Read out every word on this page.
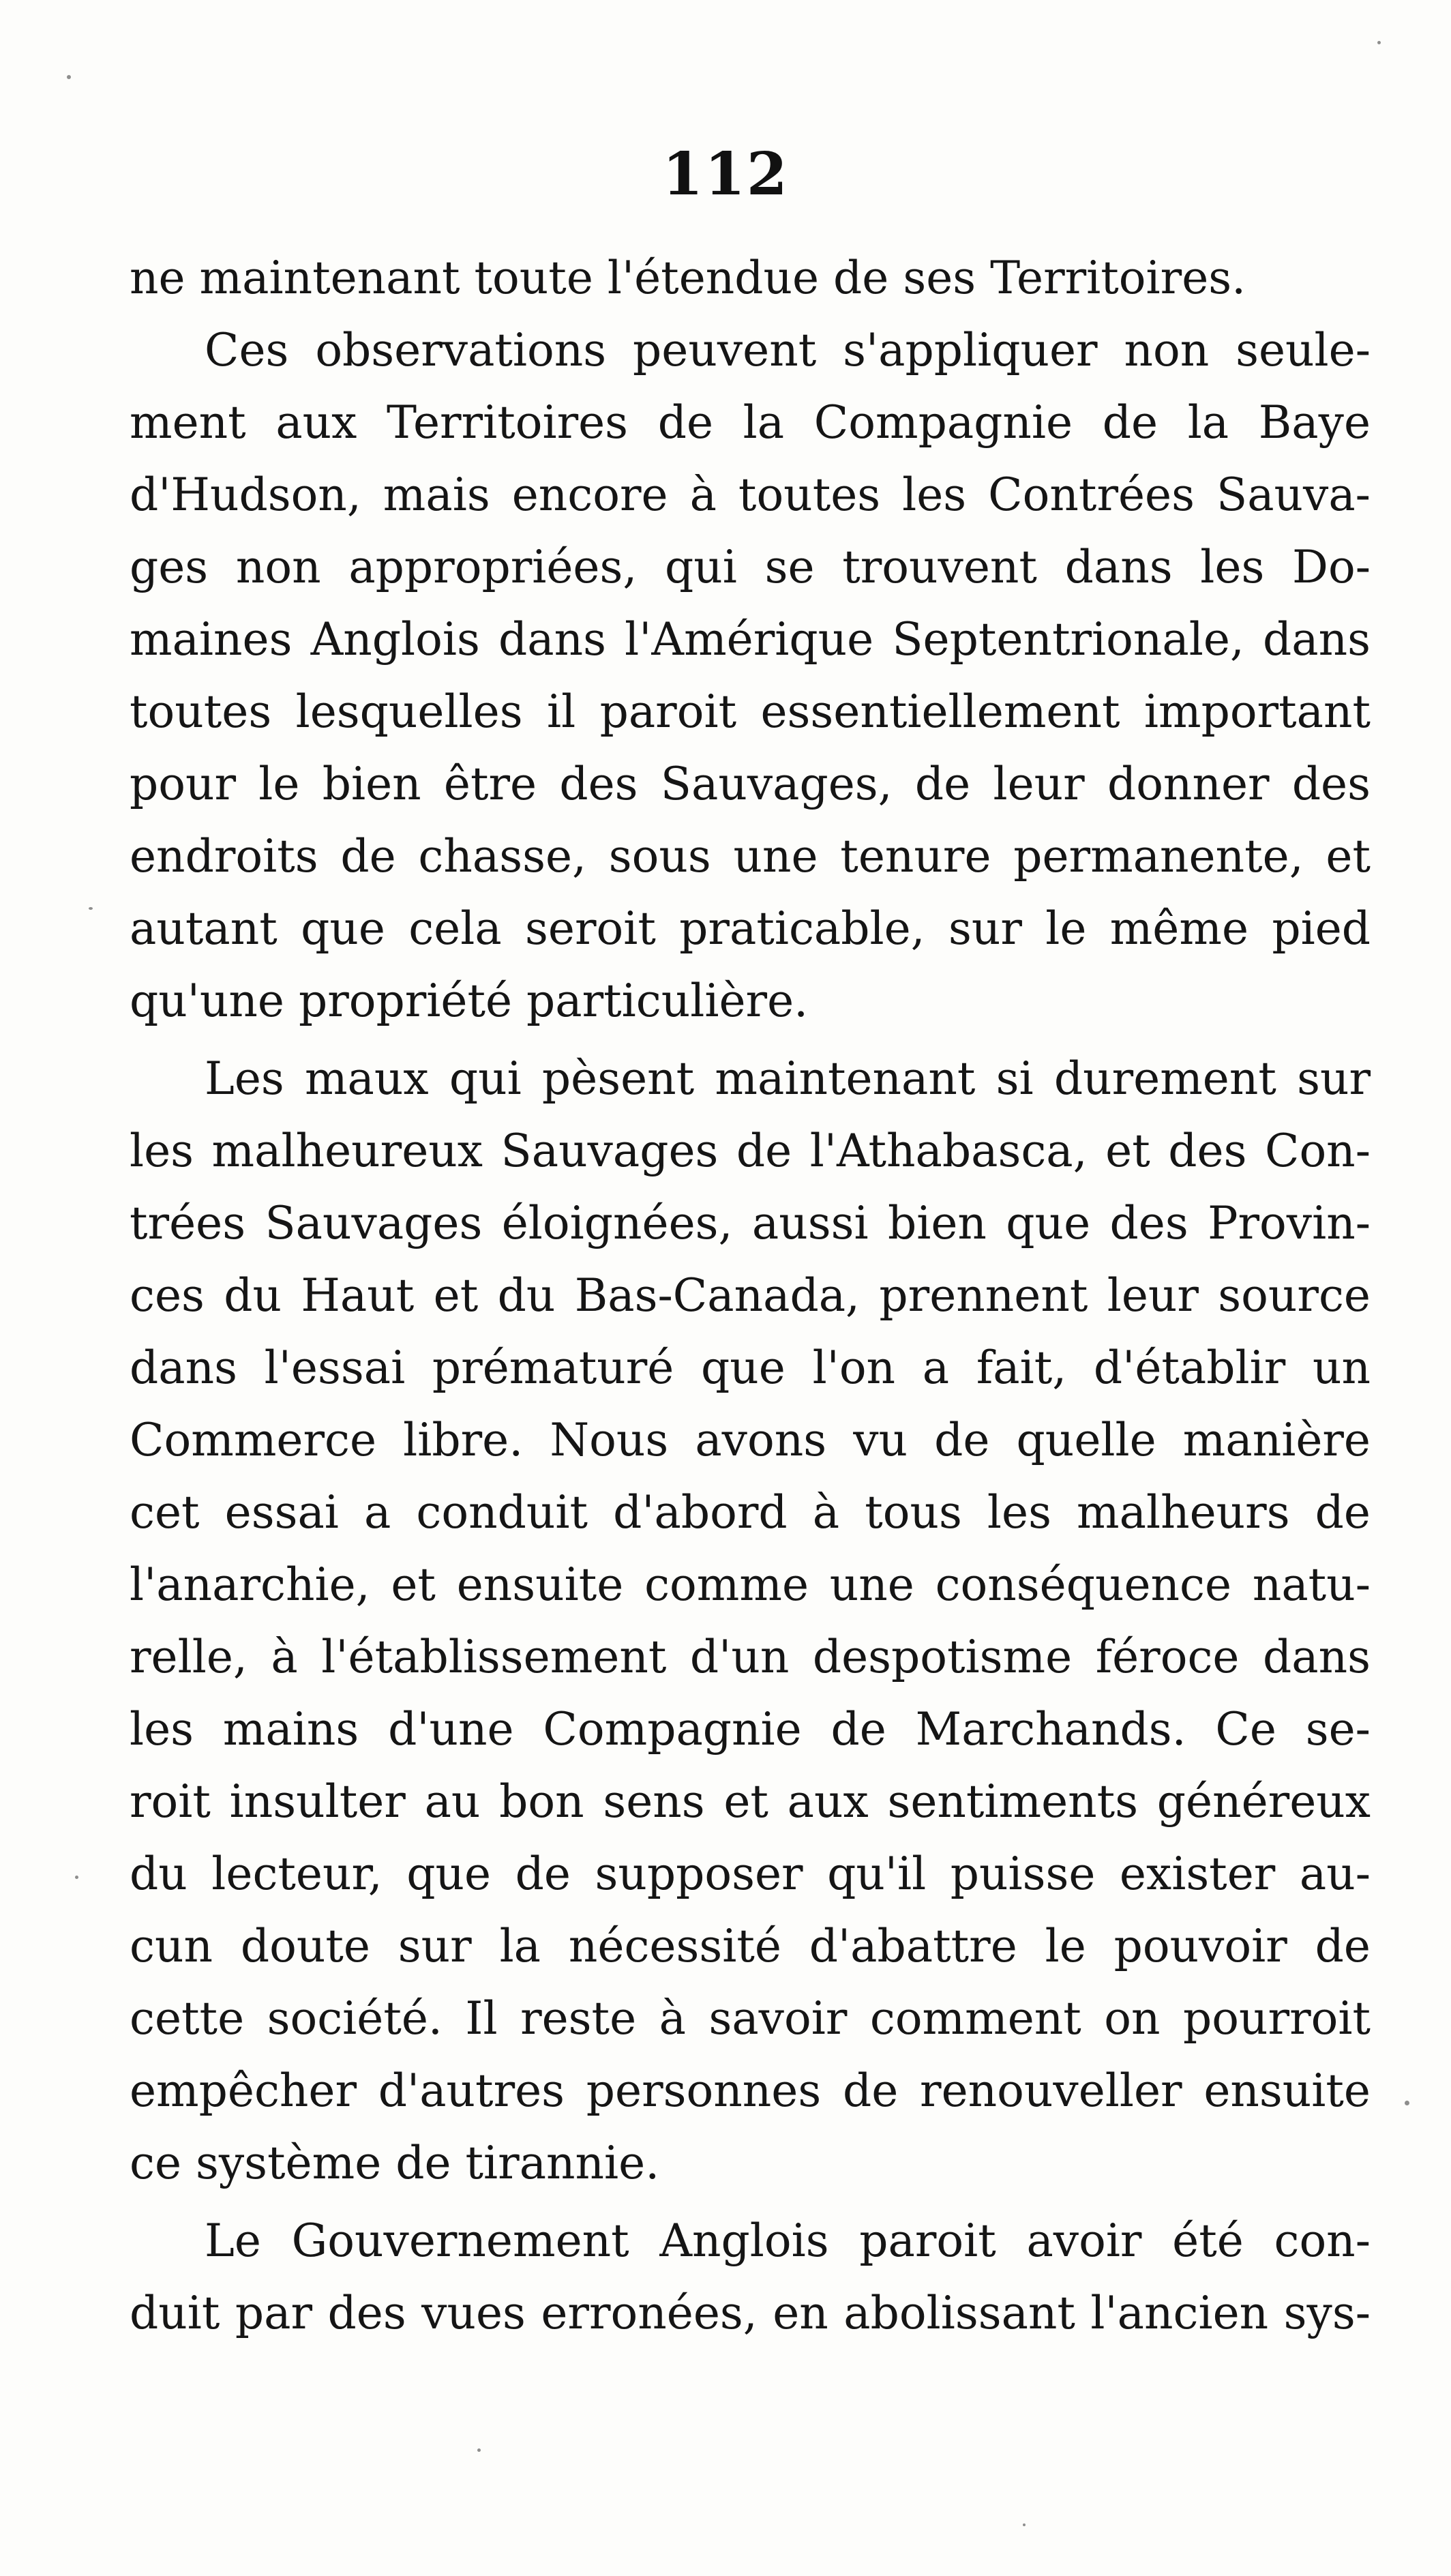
112
ne maintenant toute l'étendue de ses Territoires.
Ces observations peuvent s'appliquer non seule-
ment aux Territoires de la Compagnie de la Baye
d'Hudson, mais encore à toutes les Contrées Sauva-
ges non appropriées, qui se trouvent dans les Do-
maines Anglois dans l'Amérique Septentrionale, dans
toutes lesquelles il paroit essentiellement important
pour le bien être des Sauvages, de leur donner des
endroits de chasse, sous une tenure permanente, et
autant que cela seroit praticable, sur le même pied
qu'une propriété particulière.
Les maux qui pèsent maintenant si durement sur
les malheureux Sauvages de l'Athabasca, et des Con-
trées Sauvages éloignées, aussi bien que des Provin-
ces du Haut et du Bas-Canada, prennent leur source
dans l'essai prématuré que l'on a fait, d'établir un
Commerce libre. Nous avons vu de quelle manière
cet essai a conduit d'abord à tous les malheurs de
l'anarchie, et ensuite comme une conséquence natu-
relle, à l'établissement d'un despotisme féroce dans
les mains d'une Compagnie de Marchands. Ce se-
roit insulter au bon sens et aux sentiments généreux
du lecteur, que de supposer qu'il puisse exister au-
cun doute sur la nécessité d'abattre le pouvoir de
cette société. Il reste à savoir comment on pourroit
empêcher d'autres personnes de renouveller ensuite
ce système de tirannie.
Le Gouvernement Anglois paroit avoir été con-
duit par des vues erronées, en abolissant l'ancien sys-
